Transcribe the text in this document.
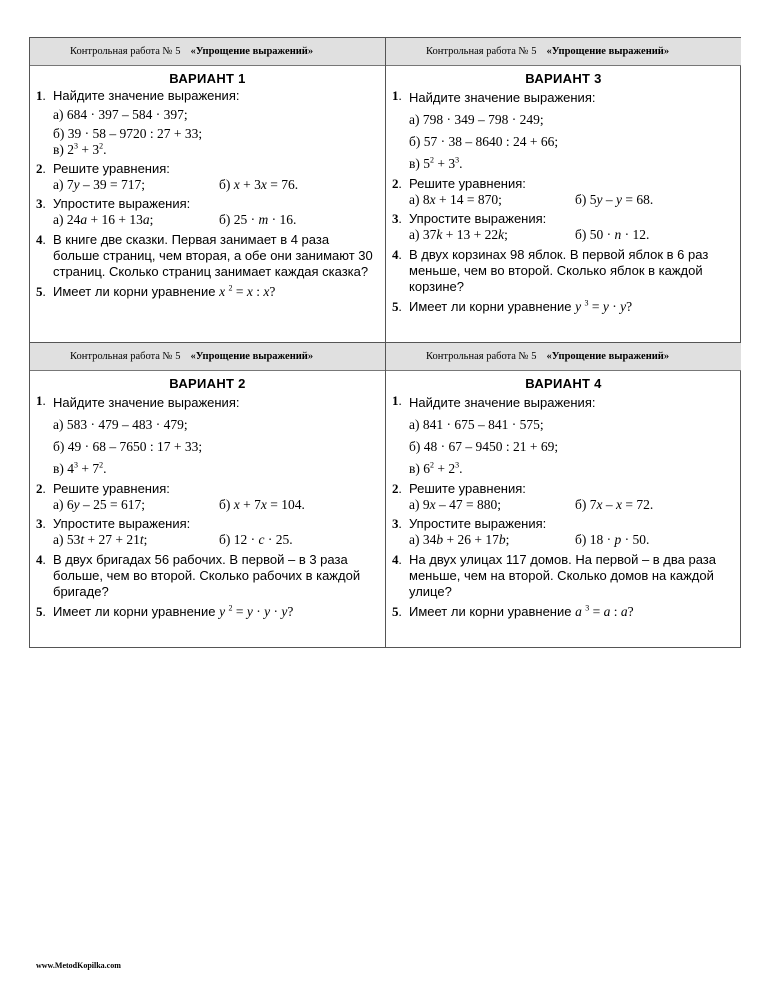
Контрольная работа № 5 «Упрощение выражений»
ВАРИАНТ 1
1. Найдите значение выражения:
а) 684 · 397 – 584 · 397;
б) 39 · 58 – 9720 : 27 + 33;
в) $2^3 + 3^2$.
2. Решите уравнения:
а) 7y – 39 = 717;	б) x + 3x = 76.
3. Упростите выражения:
а) 24a + 16 + 13a;	б) 25 · m · 16.
4. В книге две сказки. Первая занимает в 4 раза больше страниц, чем вторая, а обе они занимают 30 страниц. Сколько страниц занимает каждая сказка?
5. Имеет ли корни уравнение x $^2$ = x : x?
Контрольная работа № 5 «Упрощение выражений»
ВАРИАНТ 3
1. Найдите значение выражения:
а) 798 · 349 – 798 · 249;
б) 57 · 38 – 8640 : 24 + 66;
в) $5^2 + 3^3$.
2. Решите уравнения:
а) 8x + 14 = 870;	б) 5y – y = 68.
3. Упростите выражения:
а) 37k + 13 + 22k;	б) 50 · n · 12.
4. В двух корзинах 98 яблок. В первой яблок в 6 раз меньше, чем во второй. Сколько яблок в каждой корзине?
5. Имеет ли корни уравнение y $^3$ = y · y?
Контрольная работа № 5 «Упрощение выражений»
ВАРИАНТ 2
1. Найдите значение выражения:
а) 583 · 479 – 483 · 479;
б) 49 · 68 – 7650 : 17 + 33;
в) $4^3 + 7^2$.
2. Решите уравнения:
а) 6y – 25 = 617;	б) x + 7x = 104.
3. Упростите выражения:
а) 53t + 27 + 21t;	б) 12 · c · 25.
4. В двух бригадах 56 рабочих. В первой – в 3 раза больше, чем во второй. Сколько рабочих в каждой бригаде?
5. Имеет ли корни уравнение y $^2$ = y · y · y?
Контрольная работа № 5 «Упрощение выражений»
ВАРИАНТ 4
1. Найдите значение выражения:
а) 841 · 675 – 841 · 575;
б) 48 · 67 – 9450 : 21 + 69;
в) $6^2 + 2^3$.
2. Решите уравнения:
а) 9x – 47 = 880;	б) 7x – x = 72.
3. Упростите выражения:
а) 34b + 26 + 17b;	б) 18 · p · 50.
4. На двух улицах 117 домов. На первой – в два раза меньше, чем на второй. Сколько домов на каждой улице?
5. Имеет ли корни уравнение a $^3$ = a : a?
www.MetodKopilka.com
